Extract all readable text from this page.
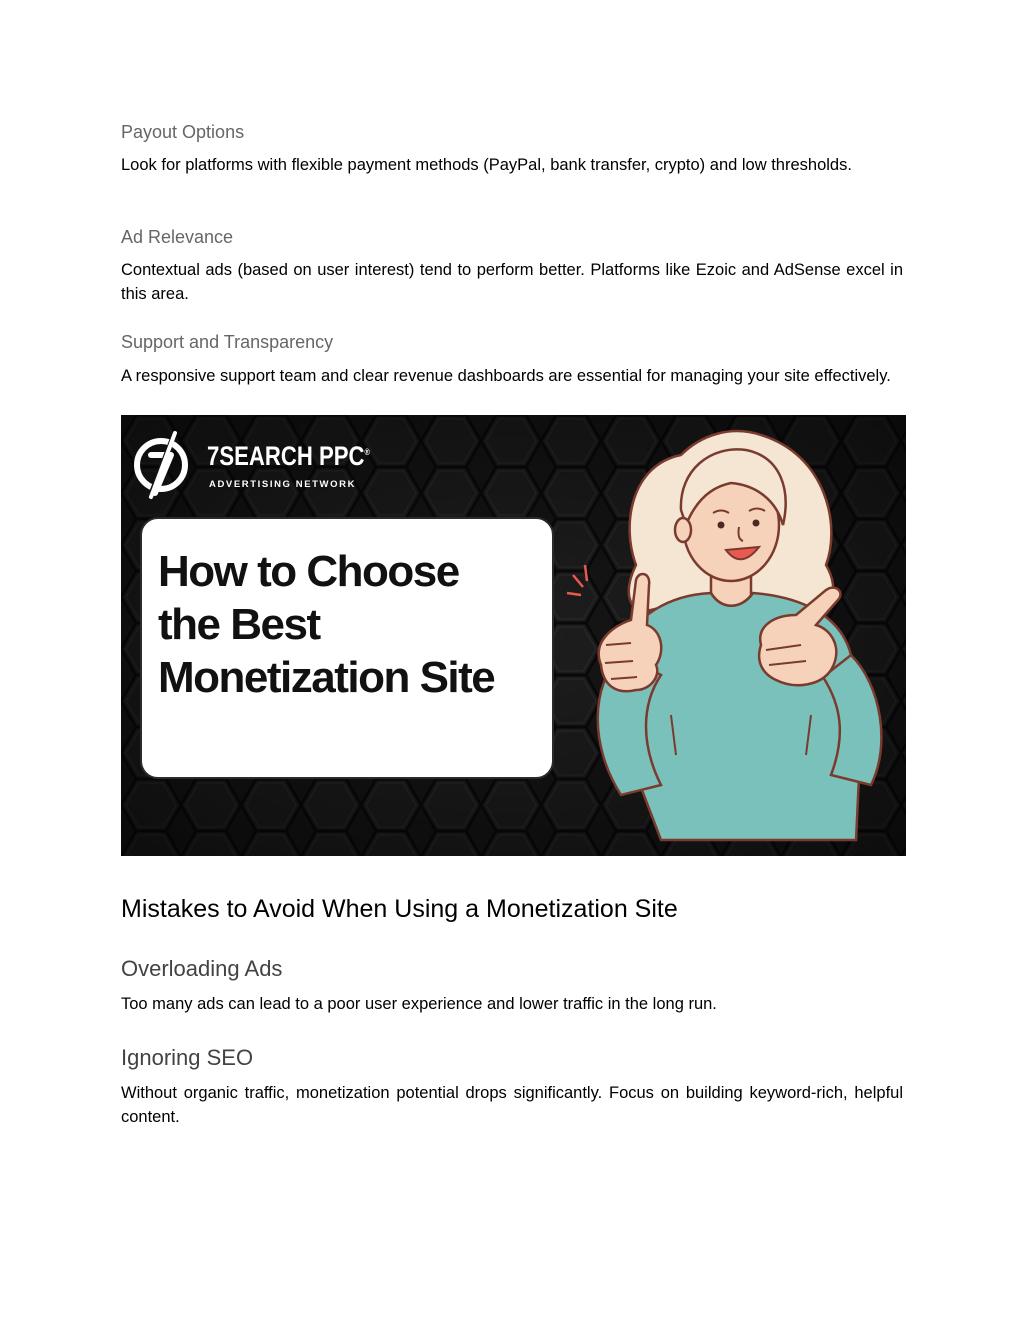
Payout Options

Look for platforms with flexible payment methods (PayPal, bank transfer, crypto) and low thresholds.

Ad Relevance

Contextual ads (based on user interest) tend to perform better. Platforms like Ezoic and AdSense excel in this area.

Support and Transparency

A responsive support team and clear revenue dashboards are essential for managing your site effectively.

7SEARCH PPC®
ADVERTISING NETWORK
How to Choose
the Best
Monetization Site
Mistakes to Avoid When Using a Monetization Site
Overloading Ads

Too many ads can lead to a poor user experience and lower traffic in the long run.

Ignoring SEO

Without organic traffic, monetization potential drops significantly. Focus on building keyword-rich, helpful content.
